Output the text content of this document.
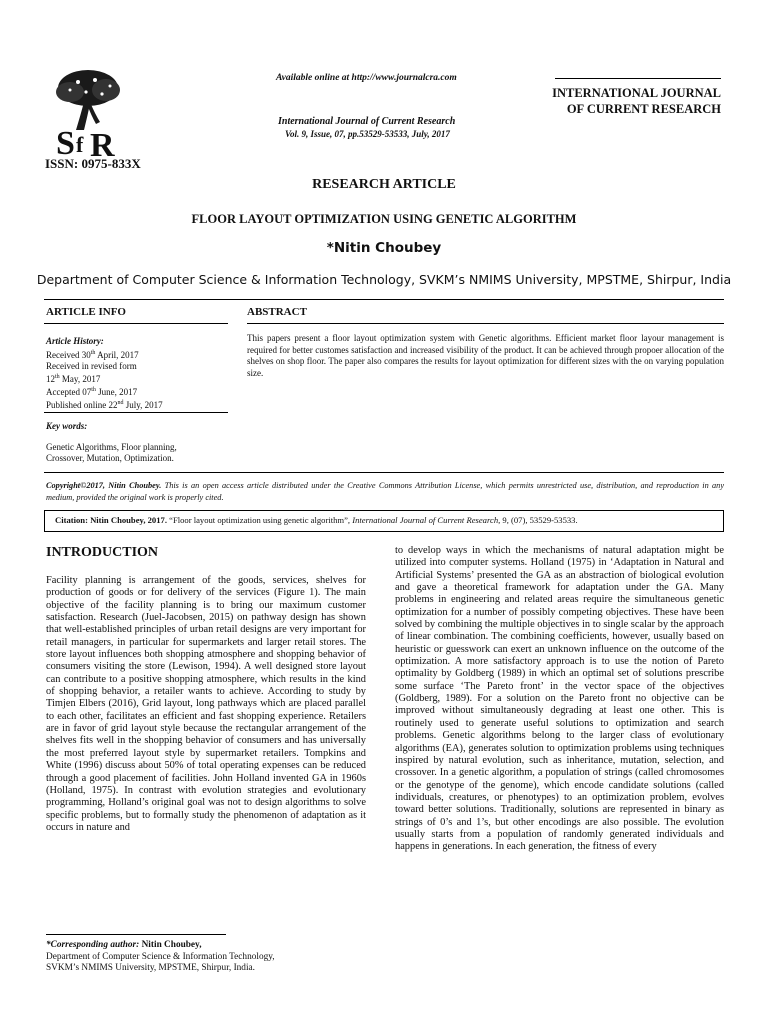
S f R
ISSN: 0975-833X
Available online at http://www.journalcra.com
International Journal of Current Research
Vol. 9, Issue, 07, pp.53529-53533, July, 2017
INTERNATIONAL JOURNAL
OF CURRENT RESEARCH
RESEARCH ARTICLE
FLOOR LAYOUT OPTIMIZATION USING GENETIC ALGORITHM
*Nitin Choubey
Department of Computer Science & Information Technology, SVKM’s NMIMS University, MPSTME, Shirpur, India
ARTICLE INFO	ABSTRACT
Article History:
Received 30th April, 2017
Received in revised form
12th May, 2017
Accepted 07th June, 2017
Published online 22nd July, 2017
Key words:
Genetic Algorithms, Floor planning,
Crossover, Mutation, Optimization.
This papers present a floor layout optimization system with Genetic algorithms. Efficient market floor layour management is required for better customes satisfaction and increased visibility of the product. It can be achieved through propoer allocation of the shelves on shop floor. The paper also compares the results for layout optimization for different sizes with the on varying population size.
Copyright©2017, Nitin Choubey. This is an open access article distributed under the Creative Commons Attribution License, which permits unrestricted use, distribution, and reproduction in any medium, provided the original work is properly cited.
Citation: Nitin Choubey, 2017. “Floor layout optimization using genetic algorithm”, International Journal of Current Research, 9, (07), 53529-53533.
INTRODUCTION
Facility planning is arrangement of the goods, services, shelves for production of goods or for delivery of the services (Figure 1). The main objective of the facility planning is to bring our maximum customer satisfaction. Research (Juel-Jacobsen, 2015) on pathway design has shown that well-established principles of urban retail designs are very important for retail managers, in particular for supermarkets and larger retail stores. The store layout influences both shopping atmosphere and shopping behavior of consumers visiting the store (Lewison, 1994). A well designed store layout can contribute to a positive shopping atmosphere, which results in the kind of shopping behavior, a retailer wants to achieve. According to study by Timjen Elbers (2016), Grid layout, long pathways which are placed parallel to each other, facilitates an efficient and fast shopping experience. Retailers are in favor of grid layout style because the rectangular arrangement of the shelves fits well in the shopping behavior of consumers and has universally the most preferred layout style by supermarket retailers. Tompkins and White (1996) discuss about 50% of total operating expenses can be reduced through a good placement of facilities. John Holland invented GA in 1960s (Holland, 1975). In contrast with evolution strategies and evolutionary programming, Holland’s original goal was not to design algorithms to solve specific problems, but to formally study the phenomenon of adaptation as it occurs in nature and
to develop ways in which the mechanisms of natural adaptation might be utilized into computer systems. Holland (1975) in ‘Adaptation in Natural and Artificial Systems’ presented the GA as an abstraction of biological evolution and gave a theoretical framework for adaptation under the GA. Many problems in engineering and related areas require the simultaneous genetic optimization for a number of possibly competing objectives. These have been solved by combining the multiple objectives in to single scalar by the approach of linear combination. The combining coefficients, however, usually based on heuristic or guesswork can exert an unknown influence on the outcome of the optimization. A more satisfactory approach is to use the notion of Pareto optimality by Goldberg (1989) in which an optimal set of solutions prescribe some surface ‘The Pareto front’ in the vector space of the objectives (Goldberg, 1989). For a solution on the Pareto front no objective can be improved without simultaneously degrading at least one other. This is routinely used to generate useful solutions to optimization and search problems. Genetic algorithms belong to the larger class of evolutionary algorithms (EA), generates solution to optimization problems using techniques inspired by natural evolution, such as inheritance, mutation, selection, and crossover. In a genetic algorithm, a population of strings (called chromosomes or the genotype of the genome), which encode candidate solutions (called individuals, creatures, or phenotypes) to an optimization problem, evolves toward better solutions. Traditionally, solutions are represented in binary as strings of 0’s and 1’s, but other encodings are also possible. The evolution usually starts from a population of randomly generated individuals and happens in generations. In each generation, the fitness of every
*Corresponding author: Nitin Choubey,
Department of Computer Science & Information Technology,
SVKM’s NMIMS University, MPSTME, Shirpur, India.
